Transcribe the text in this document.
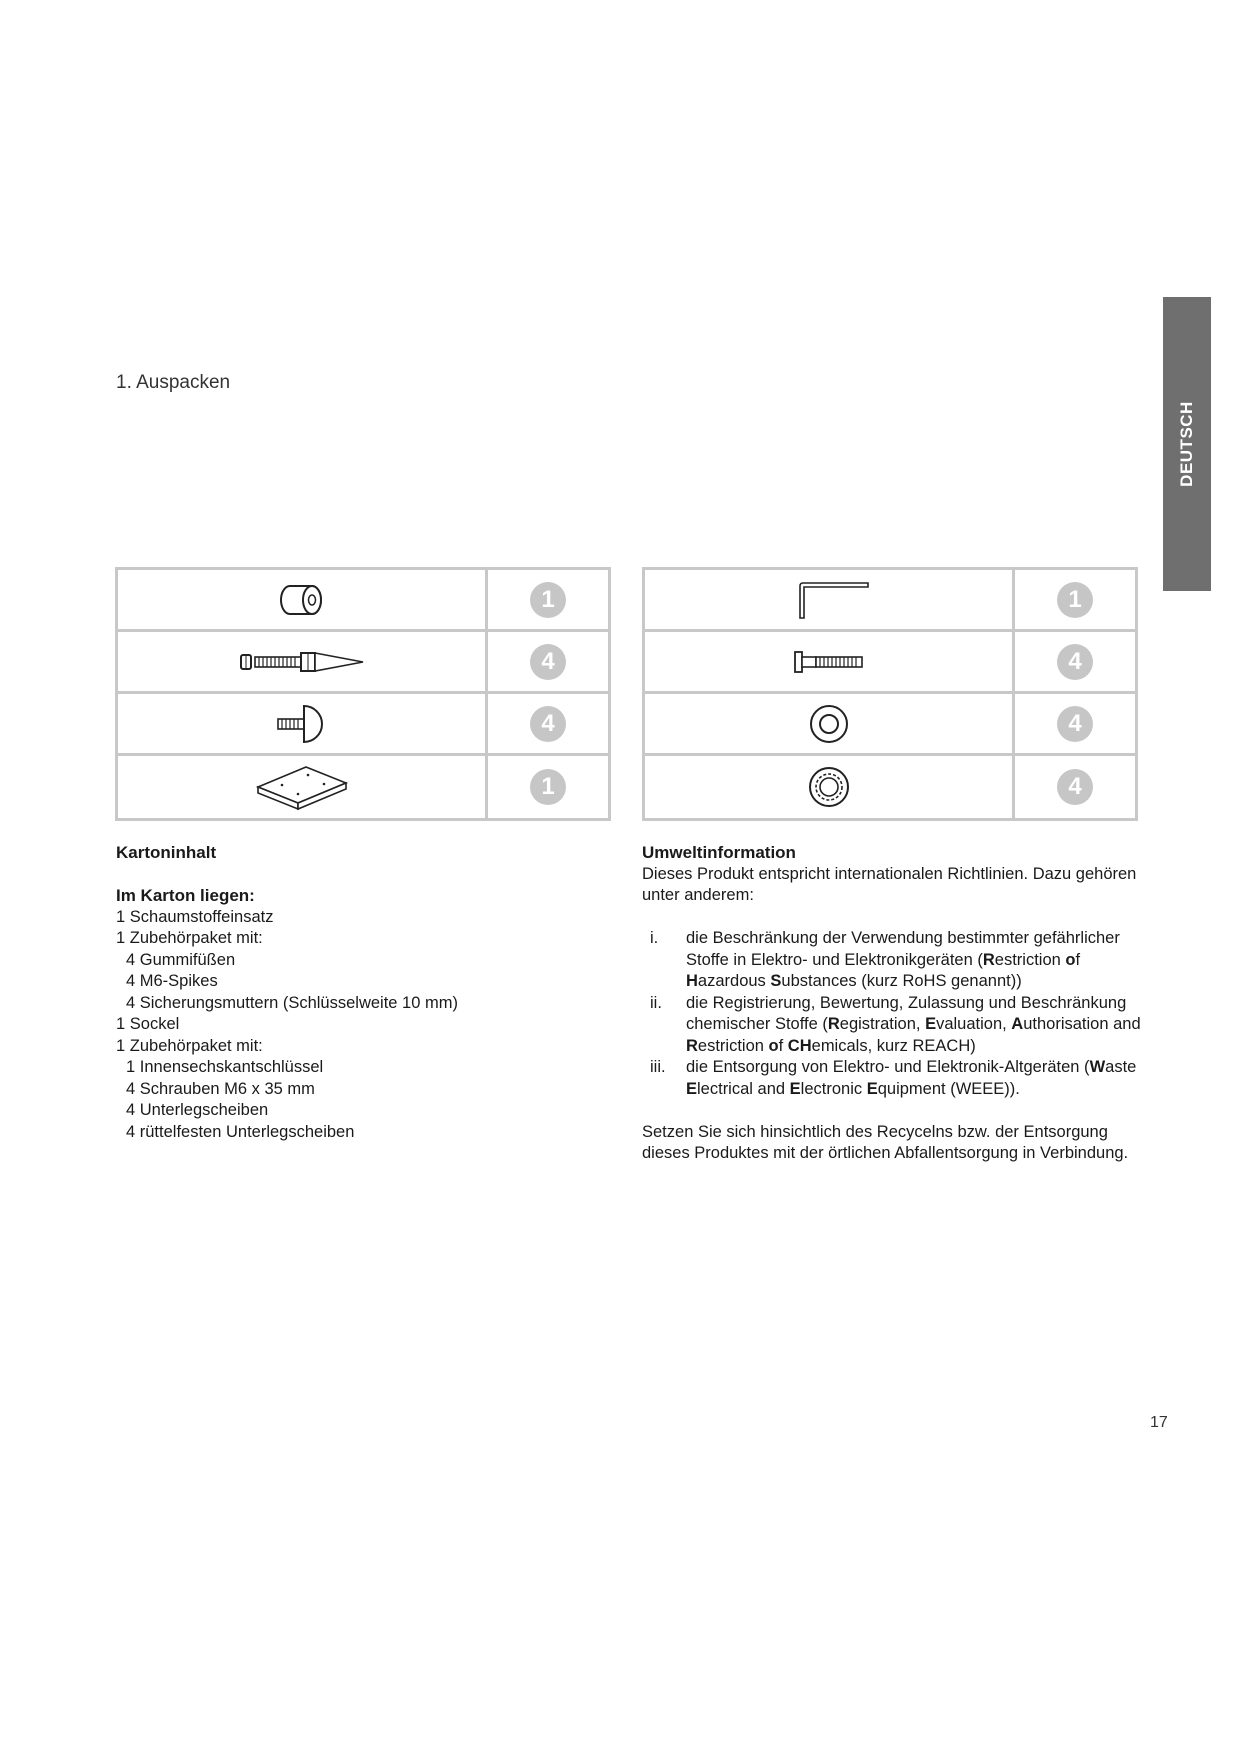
DEUTSCH
1. Auspacken
1
4
4
1
1
4
4
4
Kartoninhalt
Im Karton liegen:
1 Schaumstoffeinsatz
1 Zubehörpaket mit:
4 Gummifüßen
4 M6-Spikes
4 Sicherungsmuttern (Schlüsselweite 10 mm)
1 Sockel
1 Zubehörpaket mit:
1 Innensechskantschlüssel
4 Schrauben M6 x 35 mm
4 Unterlegscheiben
4 rüttelfesten Unterlegscheiben
Umweltinformation
Dieses Produkt entspricht internationalen Richtlinien. Dazu gehören unter anderem:
i. die Beschränkung der Verwendung bestimmter gefährlicher Stoffe in Elektro- und Elektronikgeräten (Restriction of Hazardous Substances (kurz RoHS genannt))
ii. die Registrierung, Bewertung, Zulassung und Beschränkung chemischer Stoffe (Registration, Evaluation, Authorisation and Restriction of CHemicals, kurz REACH)
iii. die Entsorgung von Elektro- und Elektronik-Altgeräten (Waste Electrical and Electronic Equipment (WEEE)).
Setzen Sie sich hinsichtlich des Recycelns bzw. der Entsorgung dieses Produktes mit der örtlichen Abfallentsorgung in Verbindung.
17
